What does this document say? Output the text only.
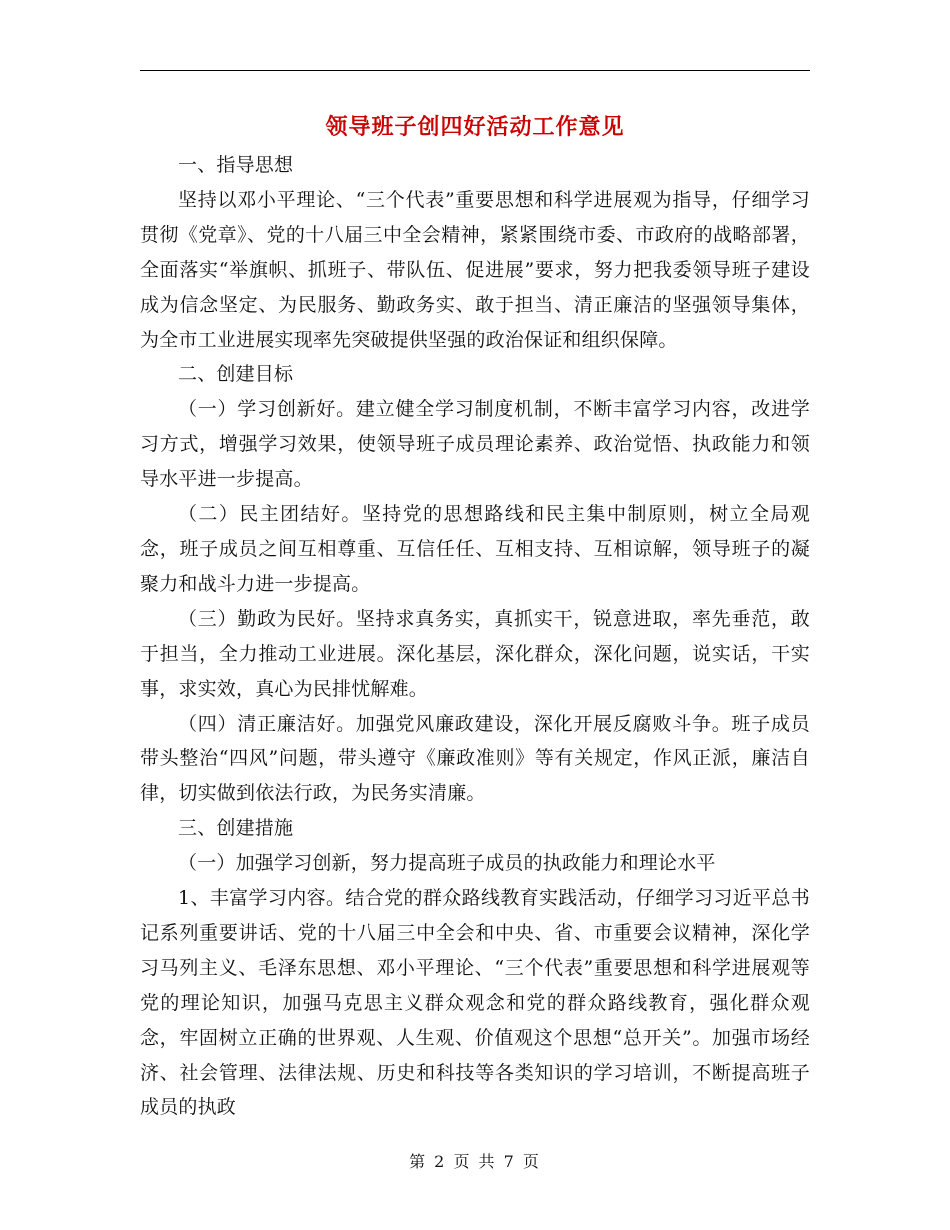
领导班子创四好活动工作意见

一、指导思想

坚持以邓小平理论、“三个代表”重要思想和科学进展观为指导，仔细学习贯彻《党章》、党的十八届三中全会精神，紧紧围绕市委、市政府的战略部署，全面落实“举旗帜、抓班子、带队伍、促进展”要求，努力把我委领导班子建设成为信念坚定、为民服务、勤政务实、敢于担当、清正廉洁的坚强领导集体，为全市工业进展实现率先突破提供坚强的政治保证和组织保障。

二、创建目标

（一）学习创新好。建立健全学习制度机制，不断丰富学习内容，改进学习方式，增强学习效果，使领导班子成员理论素养、政治觉悟、执政能力和领导水平进一步提高。

（二）民主团结好。坚持党的思想路线和民主集中制原则，树立全局观念，班子成员之间互相尊重、互信任任、互相支持、互相谅解，领导班子的凝聚力和战斗力进一步提高。

（三）勤政为民好。坚持求真务实，真抓实干，锐意进取，率先垂范，敢于担当，全力推动工业进展。深化基层，深化群众，深化问题，说实话，干实事，求实效，真心为民排忧解难。

（四）清正廉洁好。加强党风廉政建设，深化开展反腐败斗争。班子成员带头整治“四风”问题，带头遵守《廉政准则》等有关规定，作风正派，廉洁自律，切实做到依法行政，为民务实清廉。

三、创建措施

（一）加强学习创新，努力提高班子成员的执政能力和理论水平

1、丰富学习内容。结合党的群众路线教育实践活动，仔细学习习近平总书记系列重要讲话、党的十八届三中全会和中央、省、市重要会议精神，深化学习马列主义、毛泽东思想、邓小平理论、“三个代表”重要思想和科学进展观等党的理论知识，加强马克思主义群众观念和党的群众路线教育，强化群众观念，牢固树立正确的世界观、人生观、价值观这个思想“总开关”。加强市场经济、社会管理、法律法规、历史和科技等各类知识的学习培训，不断提高班子成员的执政

第 2 页 共 7 页
